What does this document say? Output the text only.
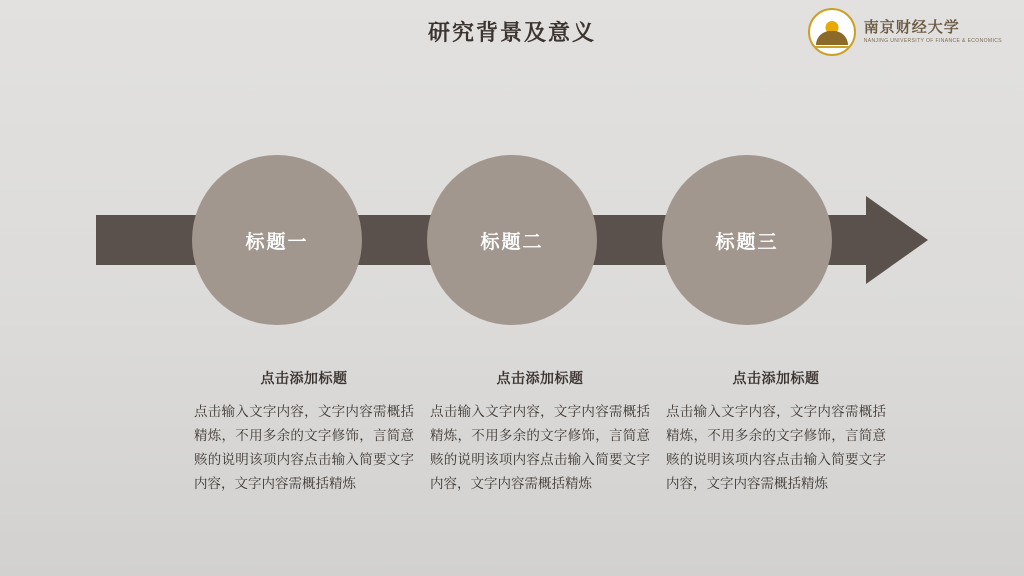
研究背景及意义	南京财经大学
NANJING UNIVERSITY OF FINANCE & ECONOMICS
标题一	标题二	标题三
点击添加标题
点击输入文字内容，文字内容需概括精炼，不用多余的文字修饰，言简意赅的说明该项内容点击输入简要文字内容，文字内容需概括精炼
点击添加标题
点击输入文字内容，文字内容需概括精炼，不用多余的文字修饰，言简意赅的说明该项内容点击输入简要文字内容，文字内容需概括精炼
点击添加标题
点击输入文字内容，文字内容需概括精炼，不用多余的文字修饰，言简意赅的说明该项内容点击输入简要文字内容，文字内容需概括精炼
